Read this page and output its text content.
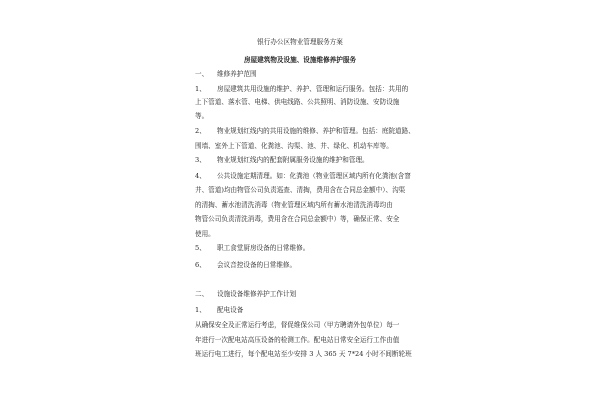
银行办公区物业管理服务方案
房屋建筑物及设施、设施维修养护服务
一、 维修养护范围
1、 房屋建筑共用设施的维护、养护、管理和运行服务。包括：共用的
上下管道、落水管、电梯、供电线路、公共照明、消防设施、安防设施
等。
2、 物业规划红线内的共用设施的维修、养护和管理。包括：庭院道路、
围墙、室外上下管道、化粪池、沟渠、池、井、绿化、机动车库等。
3、 物业规划红线内的配套附属服务设施的维护和管理。
4、 公共设施定期清理。如：化粪池（物业管理区域内所有化粪池(含窨
井、管道)均由物管公司负责巡查、清掏，费用含在合同总金额中）、沟渠
的清掏、蓄水池清洗消毒（物业管理区域内所有蓄水池清洗消毒均由
物管公司负责清洗消毒，费用含在合同总金额中）等，确保正常、安全
使用。
5、 职工食堂厨房设备的日常维修。
6、 会议音控设备的日常维修。
二、 设施设备维修养护工作计划
1、 配电设备
从确保安全及正常运行考虑，督促维保公司（甲方聘请外包单位）每一
年进行一次配电站高压设备的检测工作。配电站日常安全运行工作由值
班运行电工进行，每个配电站至少安排 3 人 365 天 7*24 小时不间断轮班
